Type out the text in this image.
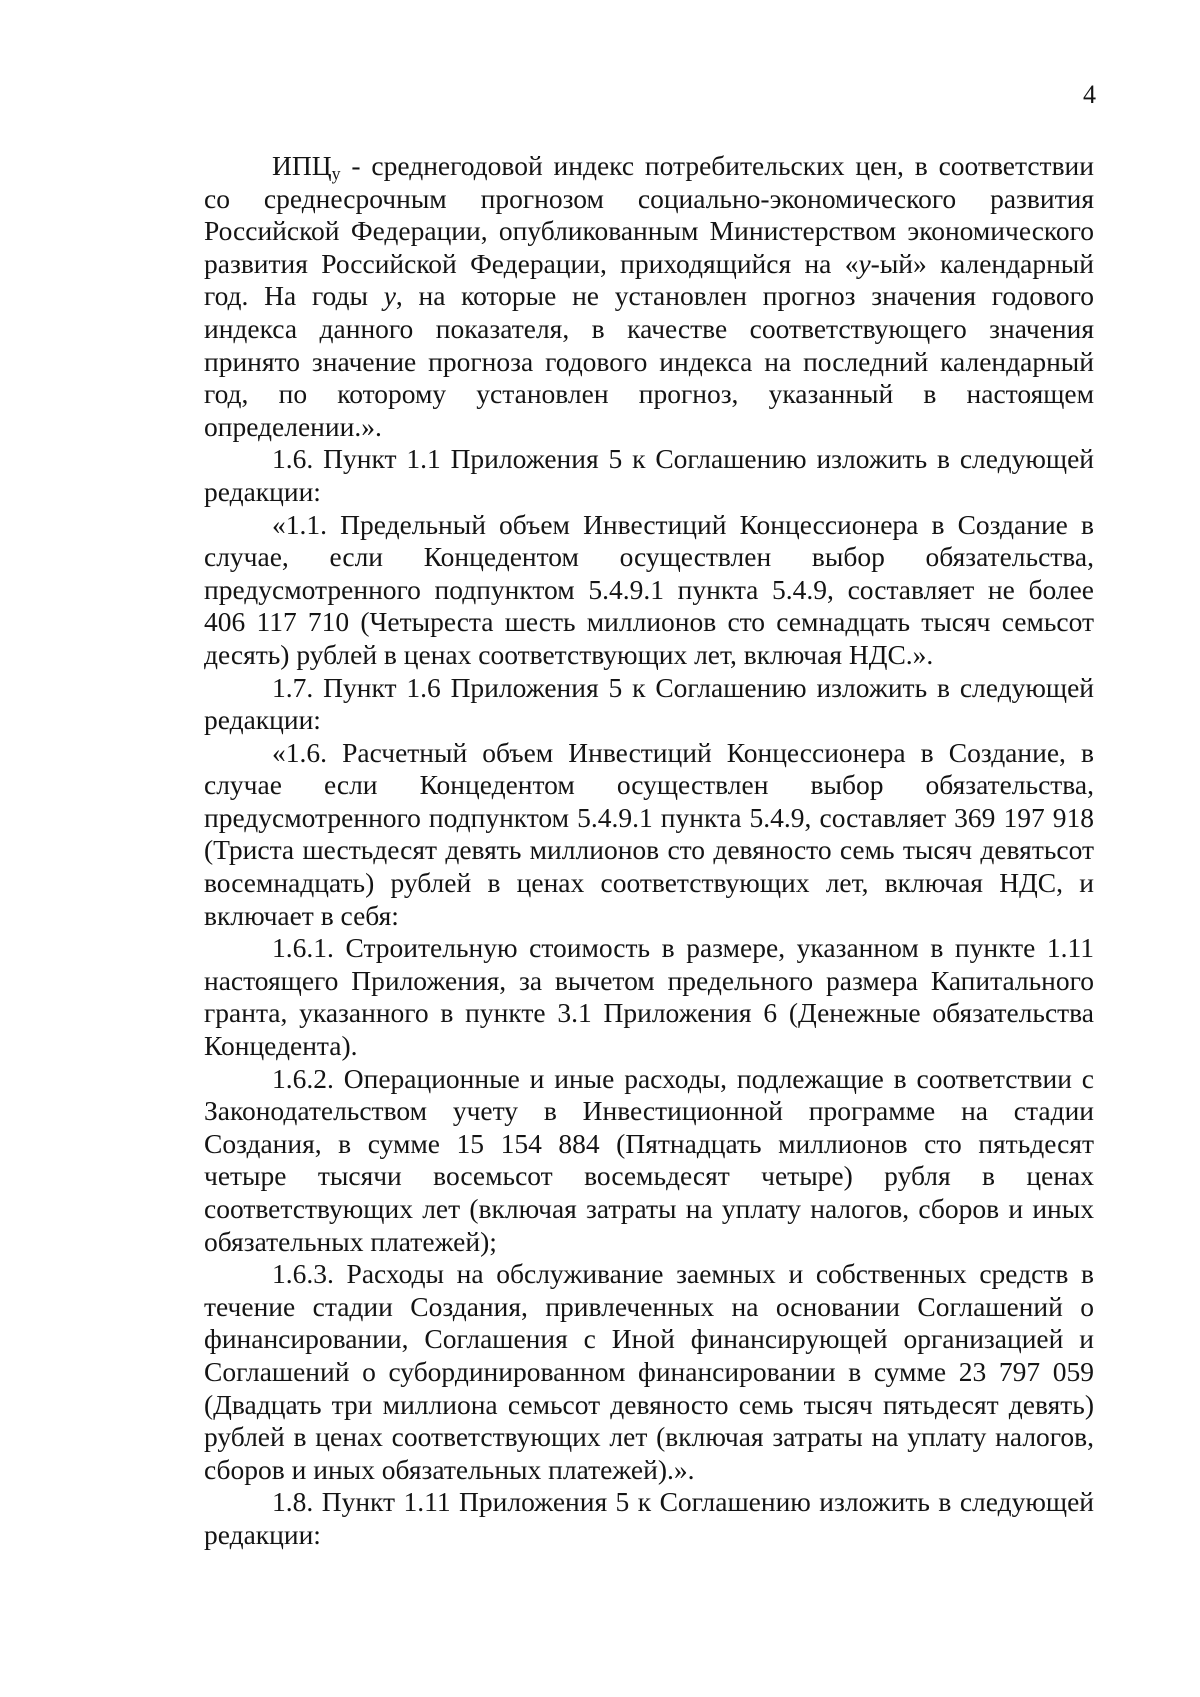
4

$ИПЦ_у$ - среднегодовой индекс потребительских цен, в соответствии со среднесрочным прогнозом социально-экономического развития Российской Федерации, опубликованным Министерством экономического развития Российской Федерации, приходящийся на «у-ый» календарный год. На годы у, на которые не установлен прогноз значения годового индекса данного показателя, в качестве соответствующего значения принято значение прогноза годового индекса на последний календарный год, по которому установлен прогноз, указанный в настоящем определении.».

1.6. Пункт 1.1 Приложения 5 к Соглашению изложить в следующей редакции:

«1.1. Предельный объем Инвестиций Концессионера в Создание в случае, если Концедентом осуществлен выбор обязательства, предусмотренного подпунктом 5.4.9.1 пункта 5.4.9, составляет не более 406 117 710 (Четыреста шесть миллионов сто семнадцать тысяч семьсот десять) рублей в ценах соответствующих лет, включая НДС.».

1.7. Пункт 1.6 Приложения 5 к Соглашению изложить в следующей редакции:

«1.6. Расчетный объем Инвестиций Концессионера в Создание, в случае если Концедентом осуществлен выбор обязательства, предусмотренного подпунктом 5.4.9.1 пункта 5.4.9, составляет 369 197 918 (Триста шестьдесят девять миллионов сто девяносто семь тысяч девятьсот восемнадцать) рублей в ценах соответствующих лет, включая НДС, и включает в себя:

1.6.1. Строительную стоимость в размере, указанном в пункте 1.11 настоящего Приложения, за вычетом предельного размера Капитального гранта, указанного в пункте 3.1 Приложения 6 (Денежные обязательства Концедента).

1.6.2. Операционные и иные расходы, подлежащие в соответствии с Законодательством учету в Инвестиционной программе на стадии Создания, в сумме 15 154 884 (Пятнадцать миллионов сто пятьдесят четыре тысячи восемьсот восемьдесят четыре) рубля в ценах соответствующих лет (включая затраты на уплату налогов, сборов и иных обязательных платежей);

1.6.3. Расходы на обслуживание заемных и собственных средств в течение стадии Создания, привлеченных на основании Соглашений о финансировании, Соглашения с Иной финансирующей организацией и Соглашений о субординированном финансировании в сумме 23 797 059 (Двадцать три миллиона семьсот девяносто семь тысяч пятьдесят девять) рублей в ценах соответствующих лет (включая затраты на уплату налогов, сборов и иных обязательных платежей).».

1.8. Пункт 1.11 Приложения 5 к Соглашению изложить в следующей редакции:
